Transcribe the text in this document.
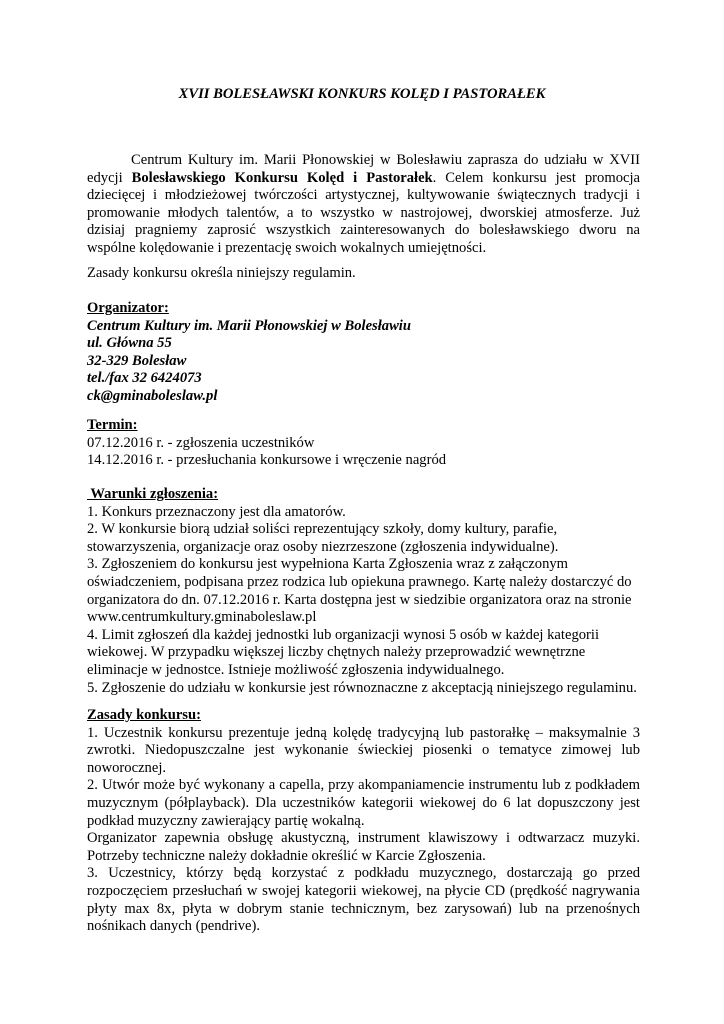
XVII BOLESŁAWSKI KONKURS KOLĘD I PASTORAŁEK
Centrum Kultury im. Marii Płonowskiej w Bolesławiu zaprasza do udziału w XVII
edycji Bolesławskiego Konkursu Kolęd i Pastorałek. Celem konkursu jest promocja
dziecięcej i młodzieżowej twórczości artystycznej, kultywowanie świątecznych tradycji i
promowanie młodych talentów, a to wszystko w nastrojowej, dworskiej atmosferze. Już
dzisiaj pragniemy zaprosić wszystkich zainteresowanych do bolesławskiego dworu na
wspólne kolędowanie i prezentację swoich wokalnych umiejętności.
Zasady konkursu określa niniejszy regulamin.
Organizator:
Centrum Kultury im. Marii Płonowskiej w Bolesławiu
ul. Główna 55
32-329 Bolesław
tel./fax 32 6424073
ck@gminaboleslaw.pl
Termin:
07.12.2016 r. - zgłoszenia uczestników
14.12.2016 r. - przesłuchania konkursowe i wręczenie nagród
Warunki zgłoszenia:
1. Konkurs przeznaczony jest dla amatorów.
2. W konkursie biorą udział soliści reprezentujący szkoły, domy kultury, parafie,
stowarzyszenia, organizacje oraz osoby niezrzeszone (zgłoszenia indywidualne).
3. Zgłoszeniem do konkursu jest wypełniona Karta Zgłoszenia wraz z załączonym
oświadczeniem, podpisana przez rodzica lub opiekuna prawnego. Kartę należy dostarczyć do
organizatora do dn. 07.12.2016 r. Karta dostępna jest w siedzibie organizatora oraz na stronie
www.centrumkultury.gminaboleslaw.pl
4. Limit zgłoszeń dla każdej jednostki lub organizacji wynosi 5 osób w każdej kategorii
wiekowej. W przypadku większej liczby chętnych należy przeprowadzić wewnętrzne
eliminacje w jednostce. Istnieje możliwość zgłoszenia indywidualnego.
5. Zgłoszenie do udziału w konkursie jest równoznaczne z akceptacją niniejszego regulaminu.
Zasady konkursu:
1. Uczestnik konkursu prezentuje jedną kolędę tradycyjną lub pastorałkę – maksymalnie 3
zwrotki. Niedopuszczalne jest wykonanie świeckiej piosenki o tematyce zimowej lub
noworocznej.
2. Utwór może być wykonany a capella, przy akompaniamencie instrumentu lub z podkładem
muzycznym (półplayback). Dla uczestników kategorii wiekowej do 6 lat dopuszczony jest
podkład muzyczny zawierający partię wokalną.
Organizator zapewnia obsługę akustyczną, instrument klawiszowy i odtwarzacz muzyki.
Potrzeby techniczne należy dokładnie określić w Karcie Zgłoszenia.
3. Uczestnicy, którzy będą korzystać z podkładu muzycznego, dostarczają go przed
rozpoczęciem przesłuchań w swojej kategorii wiekowej, na płycie CD (prędkość nagrywania
płyty max 8x, płyta w dobrym stanie technicznym, bez zarysowań) lub na przenośnych
nośnikach danych (pendrive).
